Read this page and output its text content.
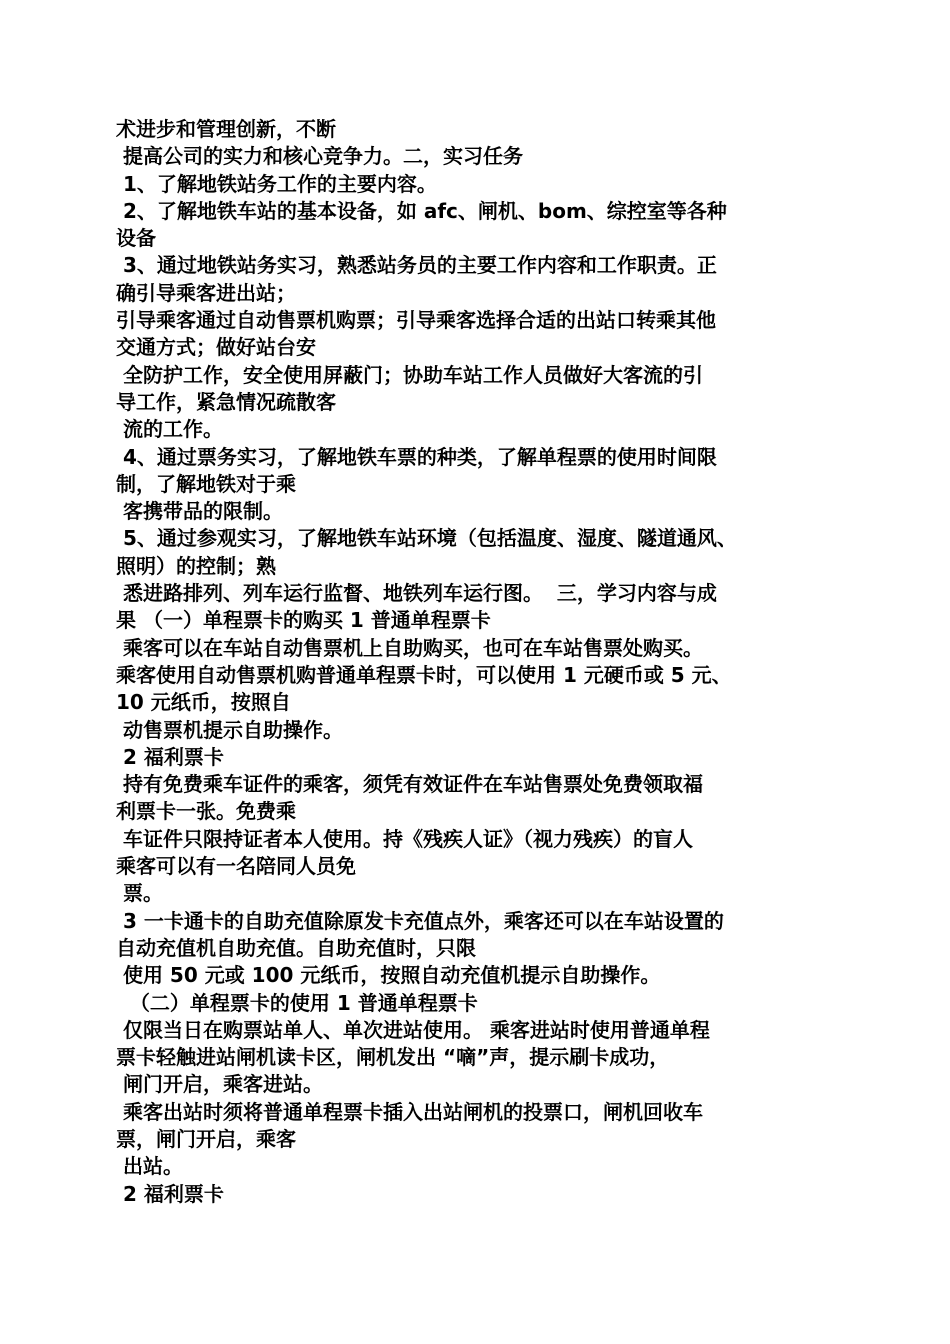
术进步和管理创新，不断
提高公司的实力和核心竞争力。二，实习任务
1、了解地铁站务工作的主要内容。
2、了解地铁车站的基本设备，如 afc、闸机、bom、综控室等各种
设备
3、通过地铁站务实习，熟悉站务员的主要工作内容和工作职责。正
确引导乘客进出站；
引导乘客通过自动售票机购票；引导乘客选择合适的出站口转乘其他
交通方式；做好站台安
全防护工作，安全使用屏蔽门；协助车站工作人员做好大客流的引
导工作，紧急情况疏散客
流的工作。
4、通过票务实习，了解地铁车票的种类，了解单程票的使用时间限
制，了解地铁对于乘
客携带品的限制。
5、通过参观实习，了解地铁车站环境（包括温度、湿度、隧道通风、
照明）的控制；熟
悉进路排列、列车运行监督、地铁列车运行图。  三，学习内容与成
果 （一）单程票卡的购买 1 普通单程票卡
乘客可以在车站自动售票机上自助购买，也可在车站售票处购买。
乘客使用自动售票机购普通单程票卡时，可以使用 1 元硬币或 5 元、
10 元纸币，按照自
动售票机提示自助操作。
2 福利票卡
持有免费乘车证件的乘客，须凭有效证件在车站售票处免费领取福
利票卡一张。免费乘
车证件只限持证者本人使用。持《残疾人证》（视力残疾）的盲人
乘客可以有一名陪同人员免
票。
3 一卡通卡的自助充值除原发卡充值点外，乘客还可以在车站设置的
自动充值机自助充值。自助充值时，只限
使用 50 元或 100 元纸币，按照自动充值机提示自助操作。
（二）单程票卡的使用 1 普通单程票卡
仅限当日在购票站单人、单次进站使用。 乘客进站时使用普通单程
票卡轻触进站闸机读卡区，闸机发出 “嘀”声，提示刷卡成功，
闸门开启，乘客进站。
乘客出站时须将普通单程票卡插入出站闸机的投票口，闸机回收车
票，闸门开启，乘客
出站。
2 福利票卡
